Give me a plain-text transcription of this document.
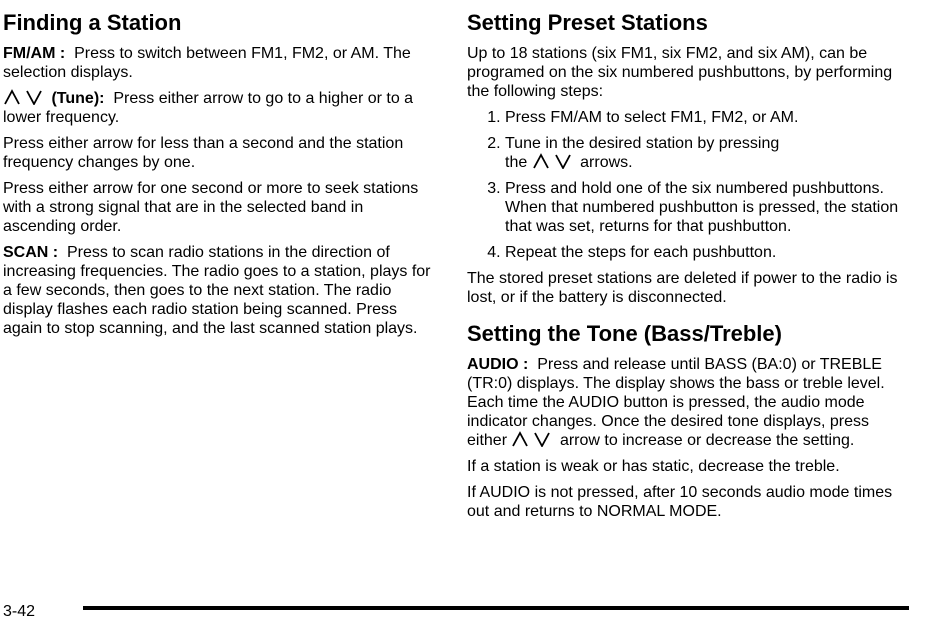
Finding a Station

FM/AM : Press to switch between FM1, FM2, or AM. The selection displays.

(Tune): Press either arrow to go to a higher or to a lower frequency.

Press either arrow for less than a second and the station frequency changes by one.

Press either arrow for one second or more to seek stations with a strong signal that are in the selected band in ascending order.

SCAN : Press to scan radio stations in the direction of increasing frequencies. The radio goes to a station, plays for a few seconds, then goes to the next station. The radio display flashes each radio station being scanned. Press again to stop scanning, and the last scanned station plays.

Setting Preset Stations

Up to 18 stations (six FM1, six FM2, and six AM), can be programed on the six numbered pushbuttons, by performing the following steps:

1. Press FM/AM to select FM1, FM2, or AM.
2. Tune in the desired station by pressing
the	arrows.
3. Press and hold one of the six numbered pushbuttons. When that numbered pushbutton is pressed, the station that was set, returns for that pushbutton.
4. Repeat the steps for each pushbutton.

The stored preset stations are deleted if power to the radio is lost, or if the battery is disconnected.

Setting the Tone (Bass/Treble)

AUDIO : Press and release until BASS (BA:0) or TREBLE (TR:0) displays. The display shows the bass or treble level. Each time the AUDIO button is pressed, the audio mode indicator changes. Once the desired tone displays, press either	arrow to increase or decrease the setting.

If a station is weak or has static, decrease the treble.

If AUDIO is not pressed, after 10 seconds audio mode times out and returns to NORMAL MODE.

3-42
